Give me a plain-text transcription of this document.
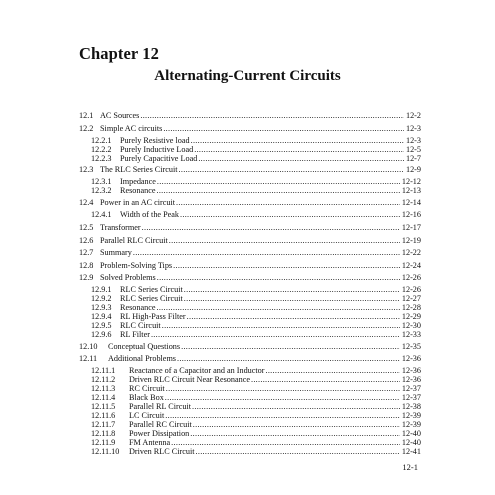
Chapter 12
Alternating-Current Circuits
12.1 AC Sources .....	12-2
12.2 Simple AC circuits .....	12-3
12.2.1	Purely Resistive load .....	12-3
12.2.2	Purely Inductive Load .....	12-5
12.2.3	Purely Capacitive Load .....	12-7
12.3 The RLC Series Circuit .....	12-9
12.3.1	Impedance .....	12-12
12.3.2	Resonance .....	12-13
12.4 Power in an AC circuit .....	12-14
12.4.1	Width of the Peak .....	12-16
12.5 Transformer .....	12-17
12.6 Parallel RLC Circuit .....	12-19
12.7 Summary .....	12-22
12.8 Problem-Solving Tips .....	12-24
12.9 Solved Problems .....	12-26
12.9.1	RLC Series Circuit .....	12-26
12.9.2	RLC Series Circuit .....	12-27
12.9.3	Resonance .....	12-28
12.9.4	RL High-Pass Filter .....	12-29
12.9.5	RLC Circuit .....	12-30
12.9.6	RL Filter .....	12-33
12.10	Conceptual Questions .....	12-35
12.11	Additional Problems .....	12-36
12.11.1	Reactance of a Capacitor and an Inductor .....	12-36
12.11.2	Driven RLC Circuit Near Resonance .....	12-36
12.11.3	RC Circuit .....	12-37
12.11.4	Black Box .....	12-37
12.11.5	Parallel RL Circuit .....	12-38
12.11.6	LC Circuit .....	12-39
12.11.7	Parallel RC Circuit .....	12-39
12.11.8	Power Dissipation .....	12-40
12.11.9	FM Antenna .....	12-40
12.11.10	Driven RLC Circuit .....	12-41
12-1
